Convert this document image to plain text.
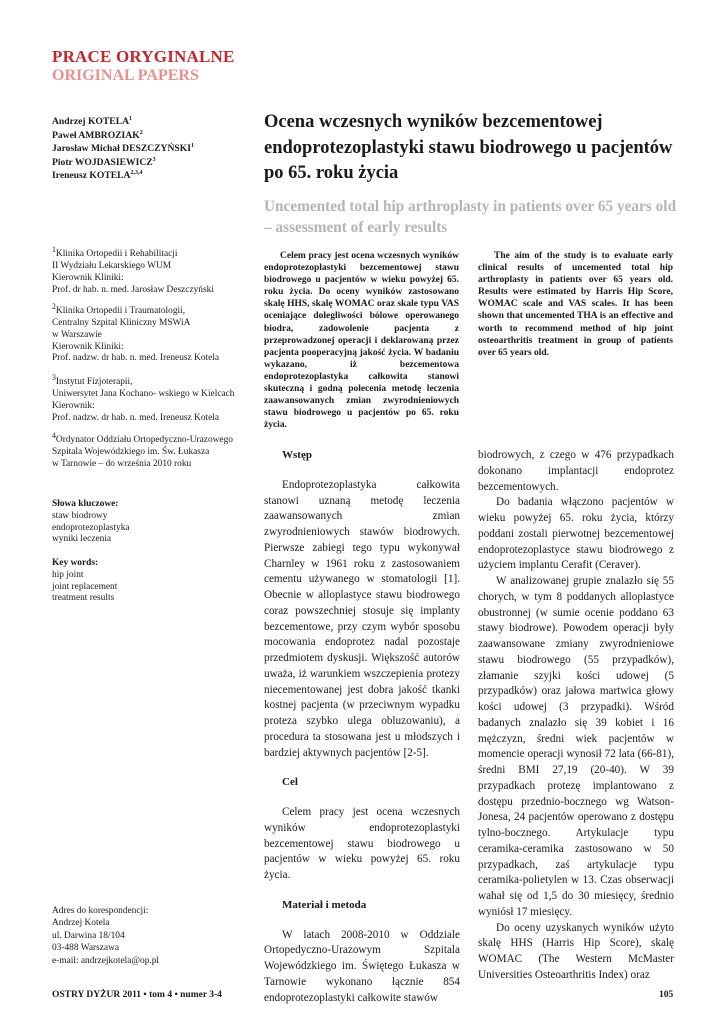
PRACE ORYGINALNE
ORIGINAL PAPERS
Andrzej KOTELA$^1$
Paweł AMBROZIAK$^2$
Jarosław Michał DESZCZYŃSKI$^1$
Piotr WOJDASIEWICZ$^3$
Ireneusz KOTELA$^{2,3,4}$
Ocena wczesnych wyników bezcementowej endoprotezoplastyki stawu biodrowego u pacjentów po 65. roku życia
Uncemented total hip arthroplasty in patients over 65 years old – assessment of early results
$^1$Klinika Ortopedii i Rehabilitacji
II Wydziału Lekarskiego WUM
Kierownik Kliniki:
Prof. dr hab. n. med. Jarosław Deszczyński
$^2$Klinika Ortopedii i Traumatologii,
Centralny Szpital Kliniczny MSWiA
w Warszawie
Kierownik Kliniki:
Prof. nadzw. dr hab. n. med. Ireneusz Kotela
$^3$Instytut Fizjoterapii,
Uniwersytet Jana Kochano- wskiego w Kielcach
Kierownik:
Prof. nadzw. dr hab. n. med. Ireneusz Kotela
$^4$Ordynator Oddziału Ortopedyczno-Urazowego
Szpitala Wojewódzkiego im. Św. Łukasza
w Tarnowie – do września 2010 roku
Słowa kluczowe:
staw biodrowy
endoprotezoplastyka
wyniki leczenia
Key words:
hip joint
joint replacement
treatment results

Celem pracy jest ocena wczesnych wyników endoprotezoplastyki bezcementowej stawu biodrowego u pacjentów w wieku powyżej 65. roku życia. Do oceny wyników zastosowano skalę HHS, skalę WOMAC oraz skale typu VAS oceniające dolegliwości bólowe operowanego biodra, zadowolenie pacjenta z przeprowadzonej operacji i deklarowaną przez pacjenta pooperacyjną jakość życia. W badaniu wykazano, iż bezcementowa endoprotezoplastyka całkowita stanowi skuteczną i godną polecenia metodę leczenia zaawansowanych zmian zwyrodnieniowych stawu biodrowego u pacjentów po 65. roku życia.

The aim of the study is to evaluate early clinical results of uncemented total hip arthroplasty in patients over 65 years old. Results were estimated by Harris Hip Score, WOMAC scale and VAS scales. It has been shown that uncemented THA is an effective and worth to recommend method of hip joint osteoarthritis treatment in group of patients over 65 years old.

Wstęp

Endoprotezoplastyka całkowita stanowi uznaną metodę leczenia zaawansowanych zmian zwyrodnieniowych stawów biodrowych. Pierwsze zabiegi tego typu wykonywał Charnley w 1961 roku z zastosowaniem cementu używanego w stomatologii [1]. Obecnie w alloplastyce stawu biodrowego coraz powszechniej stosuje się implanty bezcementowe, przy czym wybór sposobu mocowania endoprotez nadal pozostaje przedmiotem dyskusji. Większość autorów uważa, iż warunkiem wszczepienia protezy niecementowanej jest dobra jakość tkanki kostnej pacjenta (w przeciwnym wypadku proteza szybko ulega obluzowaniu), a procedura ta stosowana jest u młodszych i bardziej aktywnych pacjentów [2-5].

Cel

Celem pracy jest ocena wczesnych wyników endoprotezoplastyki bezcementowej stawu biodrowego u pacjentów w wieku powyżej 65. roku życia.

Materiał i metoda

W latach 2008-2010 w Oddziale Ortopedyczno-Urazowym Szpitala Wojewódzkiego im. Świętego Łukasza w Tarnowie wykonano łącznie 854 endoprotezoplastyki całkowite stawów

biodrowych, z czego w 476 przypadkach dokonano implantacji endoprotez bezcementowych.

Do badania włączono pacjentów w wieku powyżej 65. roku życia, którzy poddani zostali pierwotnej bezcementowej endoprotezoplastyce stawu biodrowego z użyciem implantu Cerafit (Ceraver).

W analizowanej grupie znalazło się 55 chorych, w tym 8 poddanych alloplastyce obustronnej (w sumie ocenie poddano 63 stawy biodrowe). Powodem operacji były zaawansowane zmiany zwyrodnieniowe stawu biodrowego (55 przypadków), złamanie szyjki kości udowej (5 przypadków) oraz jałowa martwica głowy kości udowej (3 przypadki). Wśród badanych znalazło się 39 kobiet i 16 mężczyzn, średni wiek pacjentów w momencie operacji wynosił 72 lata (66-81), średni BMI 27,19 (20-40). W 39 przypadkach protezę implantowano z dostępu przednio-bocznego wg Watson-Jonesa, 24 pacjentów operowano z dostępu tylno-bocznego. Artykulacje typu ceramika-ceramika zastosowano w 50 przypadkach, zaś artykulacje typu ceramika-polietylen w 13. Czas obserwacji wahał się od 1,5 do 30 miesięcy, średnio wyniósł 17 miesięcy.

Do oceny uzyskanych wyników użyto skalę HHS (Harris Hip Score), skalę WOMAC (The Western McMaster Universities Osteoarthritis Index) oraz

Adres do korespondencji:
Andrzej Kotela
ul. Darwina 18/104
03-488 Warszawa
e-mail: andrzejkotela@op.pl
OSTRY DYŻUR 2011 • tom 4 • numer 3-4	105
